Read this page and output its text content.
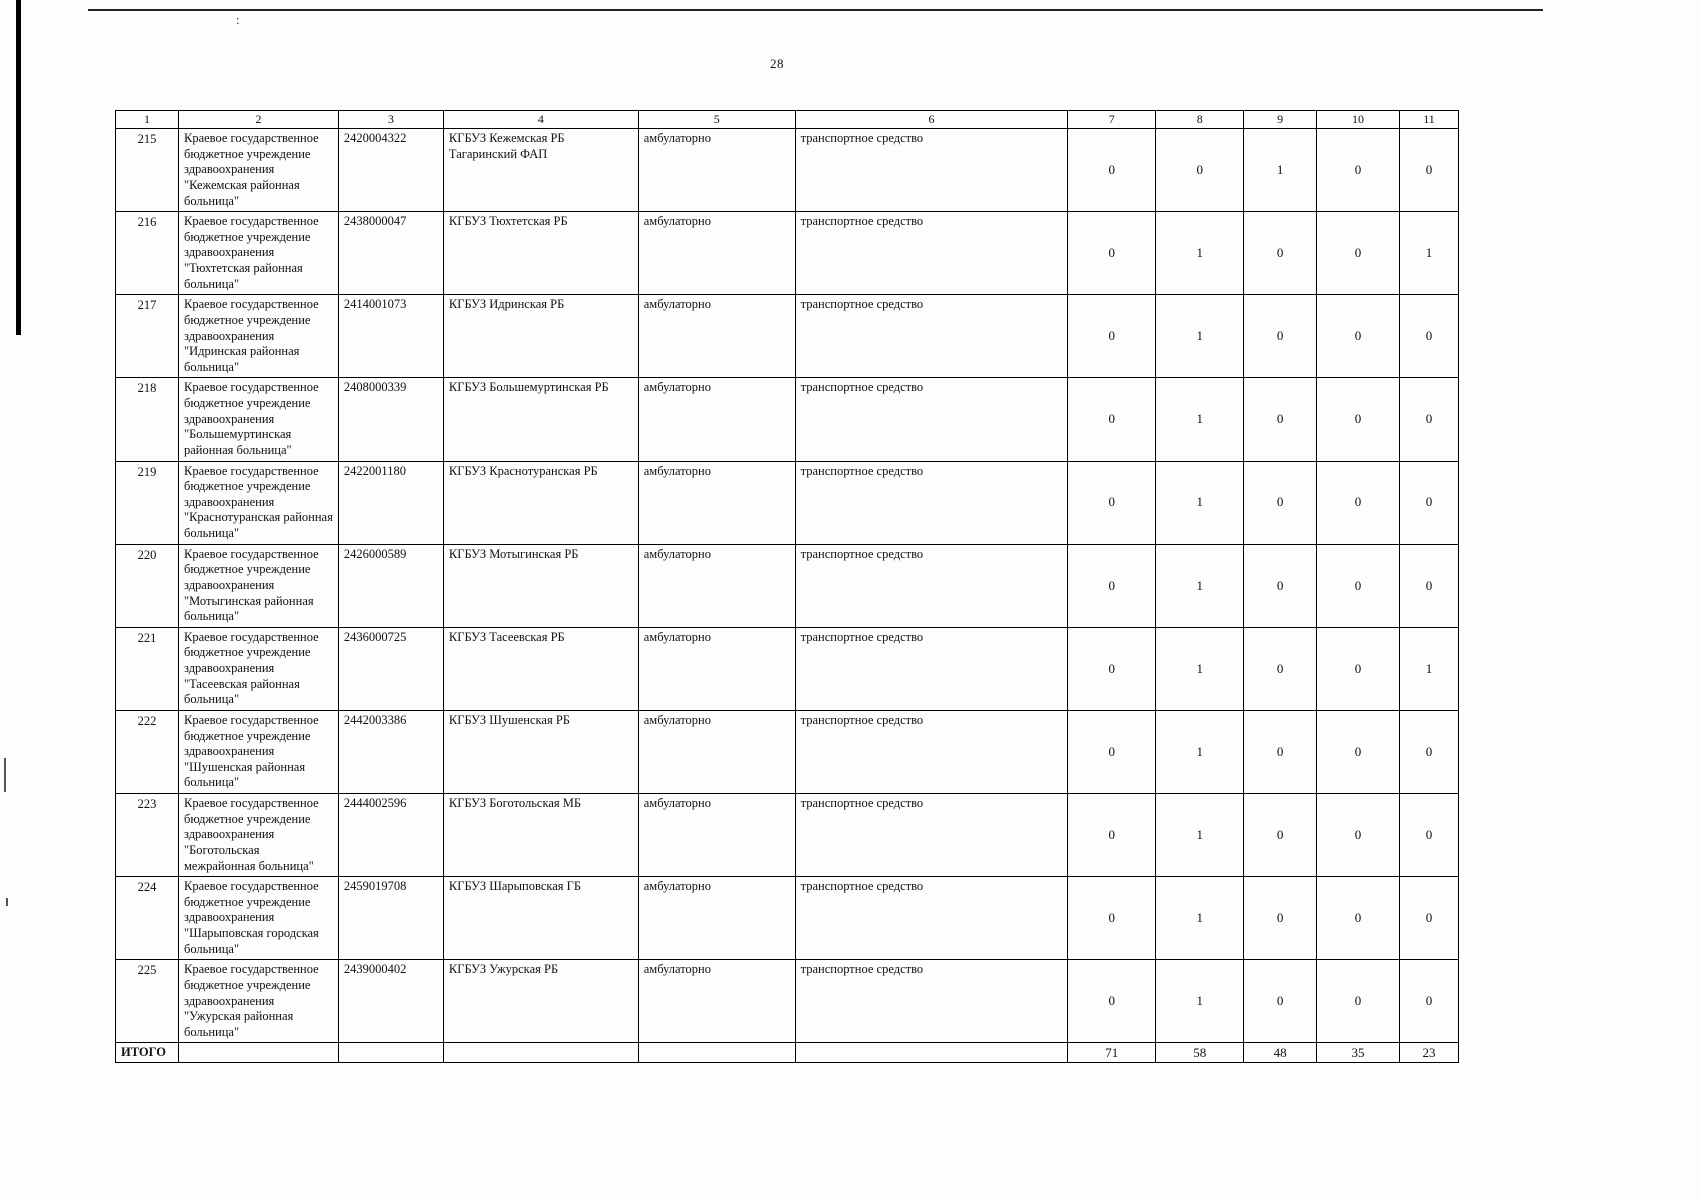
:
28
1	2	3	4	5	6	7	8	9	10	11
215	Краевое государственное бюджетное учреждение здравоохранения "Кежемская районная больница"	2420004322	КГБУЗ Кежемская РБ Тагаринский ФАП	амбулаторно	транспортное средство	0	0	1	0	0
216	Краевое государственное бюджетное учреждение здравоохранения "Тюхтетская районная больница"	2438000047	КГБУЗ Тюхтетская РБ	амбулаторно	транспортное средство	0	1	0	0	1
217	Краевое государственное бюджетное учреждение здравоохранения "Идринская районная больница"	2414001073	КГБУЗ Идринская РБ	амбулаторно	транспортное средство	0	1	0	0	0
218	Краевое государственное бюджетное учреждение здравоохранения "Большемуртинская районная больница"	2408000339	КГБУЗ Большемуртинская РБ	амбулаторно	транспортное средство	0	1	0	0	0
219	Краевое государственное бюджетное учреждение здравоохранения "Краснотуранская районная больница"	2422001180	КГБУЗ Краснотуранская РБ	амбулаторно	транспортное средство	0	1	0	0	0
220	Краевое государственное бюджетное учреждение здравоохранения "Мотыгинская районная больница"	2426000589	КГБУЗ Мотыгинская РБ	амбулаторно	транспортное средство	0	1	0	0	0
221	Краевое государственное бюджетное учреждение здравоохранения "Тасеевская районная больница"	2436000725	КГБУЗ Тасеевская РБ	амбулаторно	транспортное средство	0	1	0	0	1
222	Краевое государственное бюджетное учреждение здравоохранения "Шушенская районная больница"	2442003386	КГБУЗ Шушенская РБ	амбулаторно	транспортное средство	0	1	0	0	0
223	Краевое государственное бюджетное учреждение здравоохранения "Боготольская межрайонная больница"	2444002596	КГБУЗ Боготольская МБ	амбулаторно	транспортное средство	0	1	0	0	0
224	Краевое государственное бюджетное учреждение здравоохранения "Шарыповская городская больница"	2459019708	КГБУЗ Шарыповская ГБ	амбулаторно	транспортное средство	0	1	0	0	0
225	Краевое государственное бюджетное учреждение здравоохранения "Ужурская районная больница"	2439000402	КГБУЗ Ужурская РБ	амбулаторно	транспортное средство	0	1	0	0	0
ИТОГО						71	58	48	35	23
